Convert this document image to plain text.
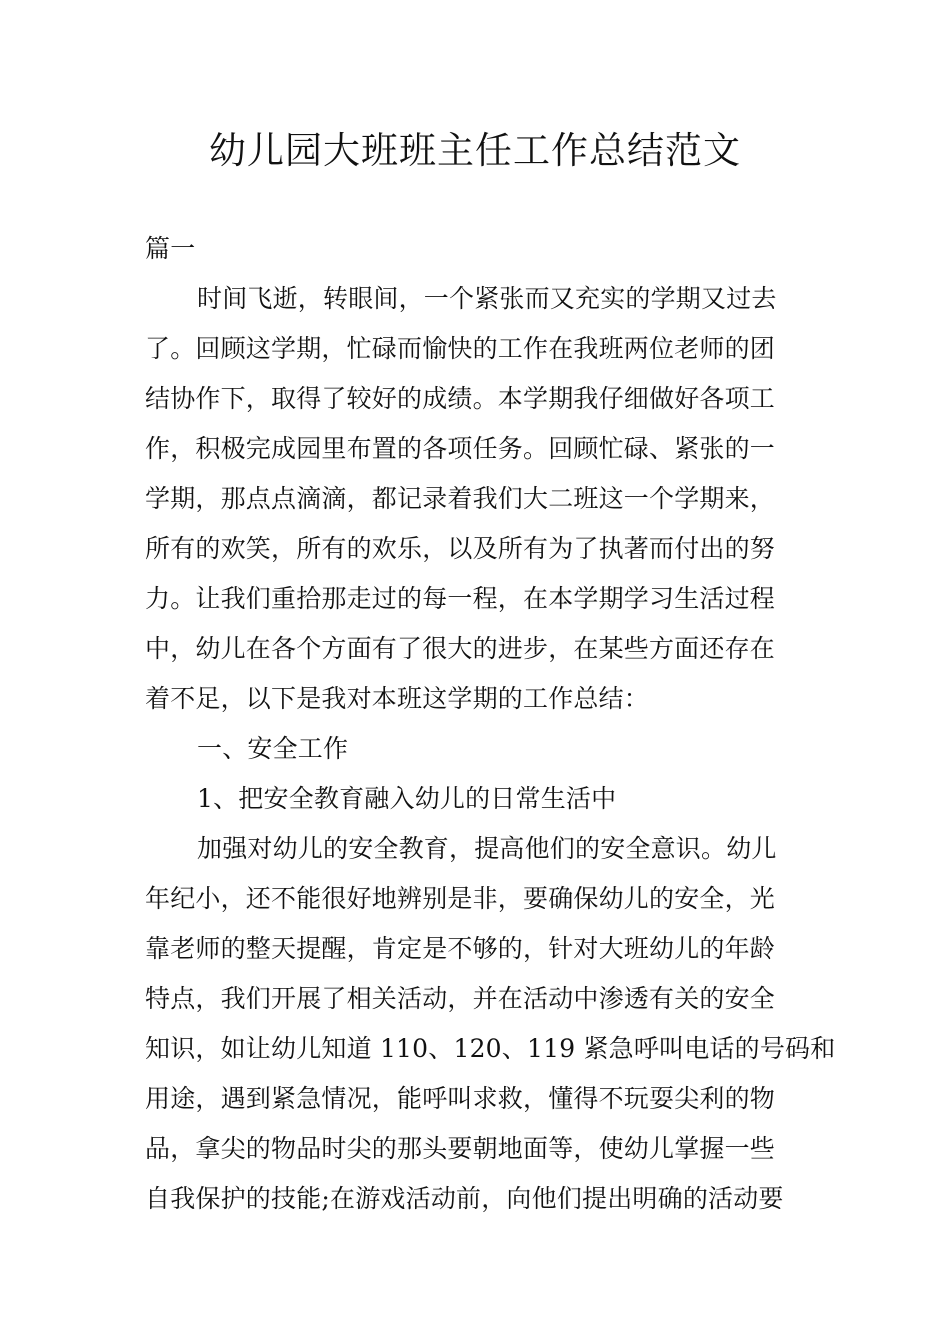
幼儿园大班班主任工作总结范文
篇一
时间飞逝，转眼间，一个紧张而又充实的学期又过去
了。回顾这学期，忙碌而愉快的工作在我班两位老师的团
结协作下，取得了较好的成绩。本学期我仔细做好各项工
作，积极完成园里布置的各项任务。回顾忙碌、紧张的一
学期，那点点滴滴，都记录着我们大二班这一个学期来，
所有的欢笑，所有的欢乐，以及所有为了执著而付出的努
力。让我们重拾那走过的每一程，在本学期学习生活过程
中，幼儿在各个方面有了很大的进步，在某些方面还存在
着不足，以下是我对本班这学期的工作总结：
一、安全工作
1、把安全教育融入幼儿的日常生活中
加强对幼儿的安全教育，提高他们的安全意识。幼儿
年纪小，还不能很好地辨别是非，要确保幼儿的安全，光
靠老师的整天提醒，肯定是不够的，针对大班幼儿的年龄
特点，我们开展了相关活动，并在活动中渗透有关的安全
知识，如让幼儿知道 110、120、119 紧急呼叫电话的号码和
用途，遇到紧急情况，能呼叫求救，懂得不玩耍尖利的物
品，拿尖的物品时尖的那头要朝地面等，使幼儿掌握一些
自我保护的技能;在游戏活动前，向他们提出明确的活动要
